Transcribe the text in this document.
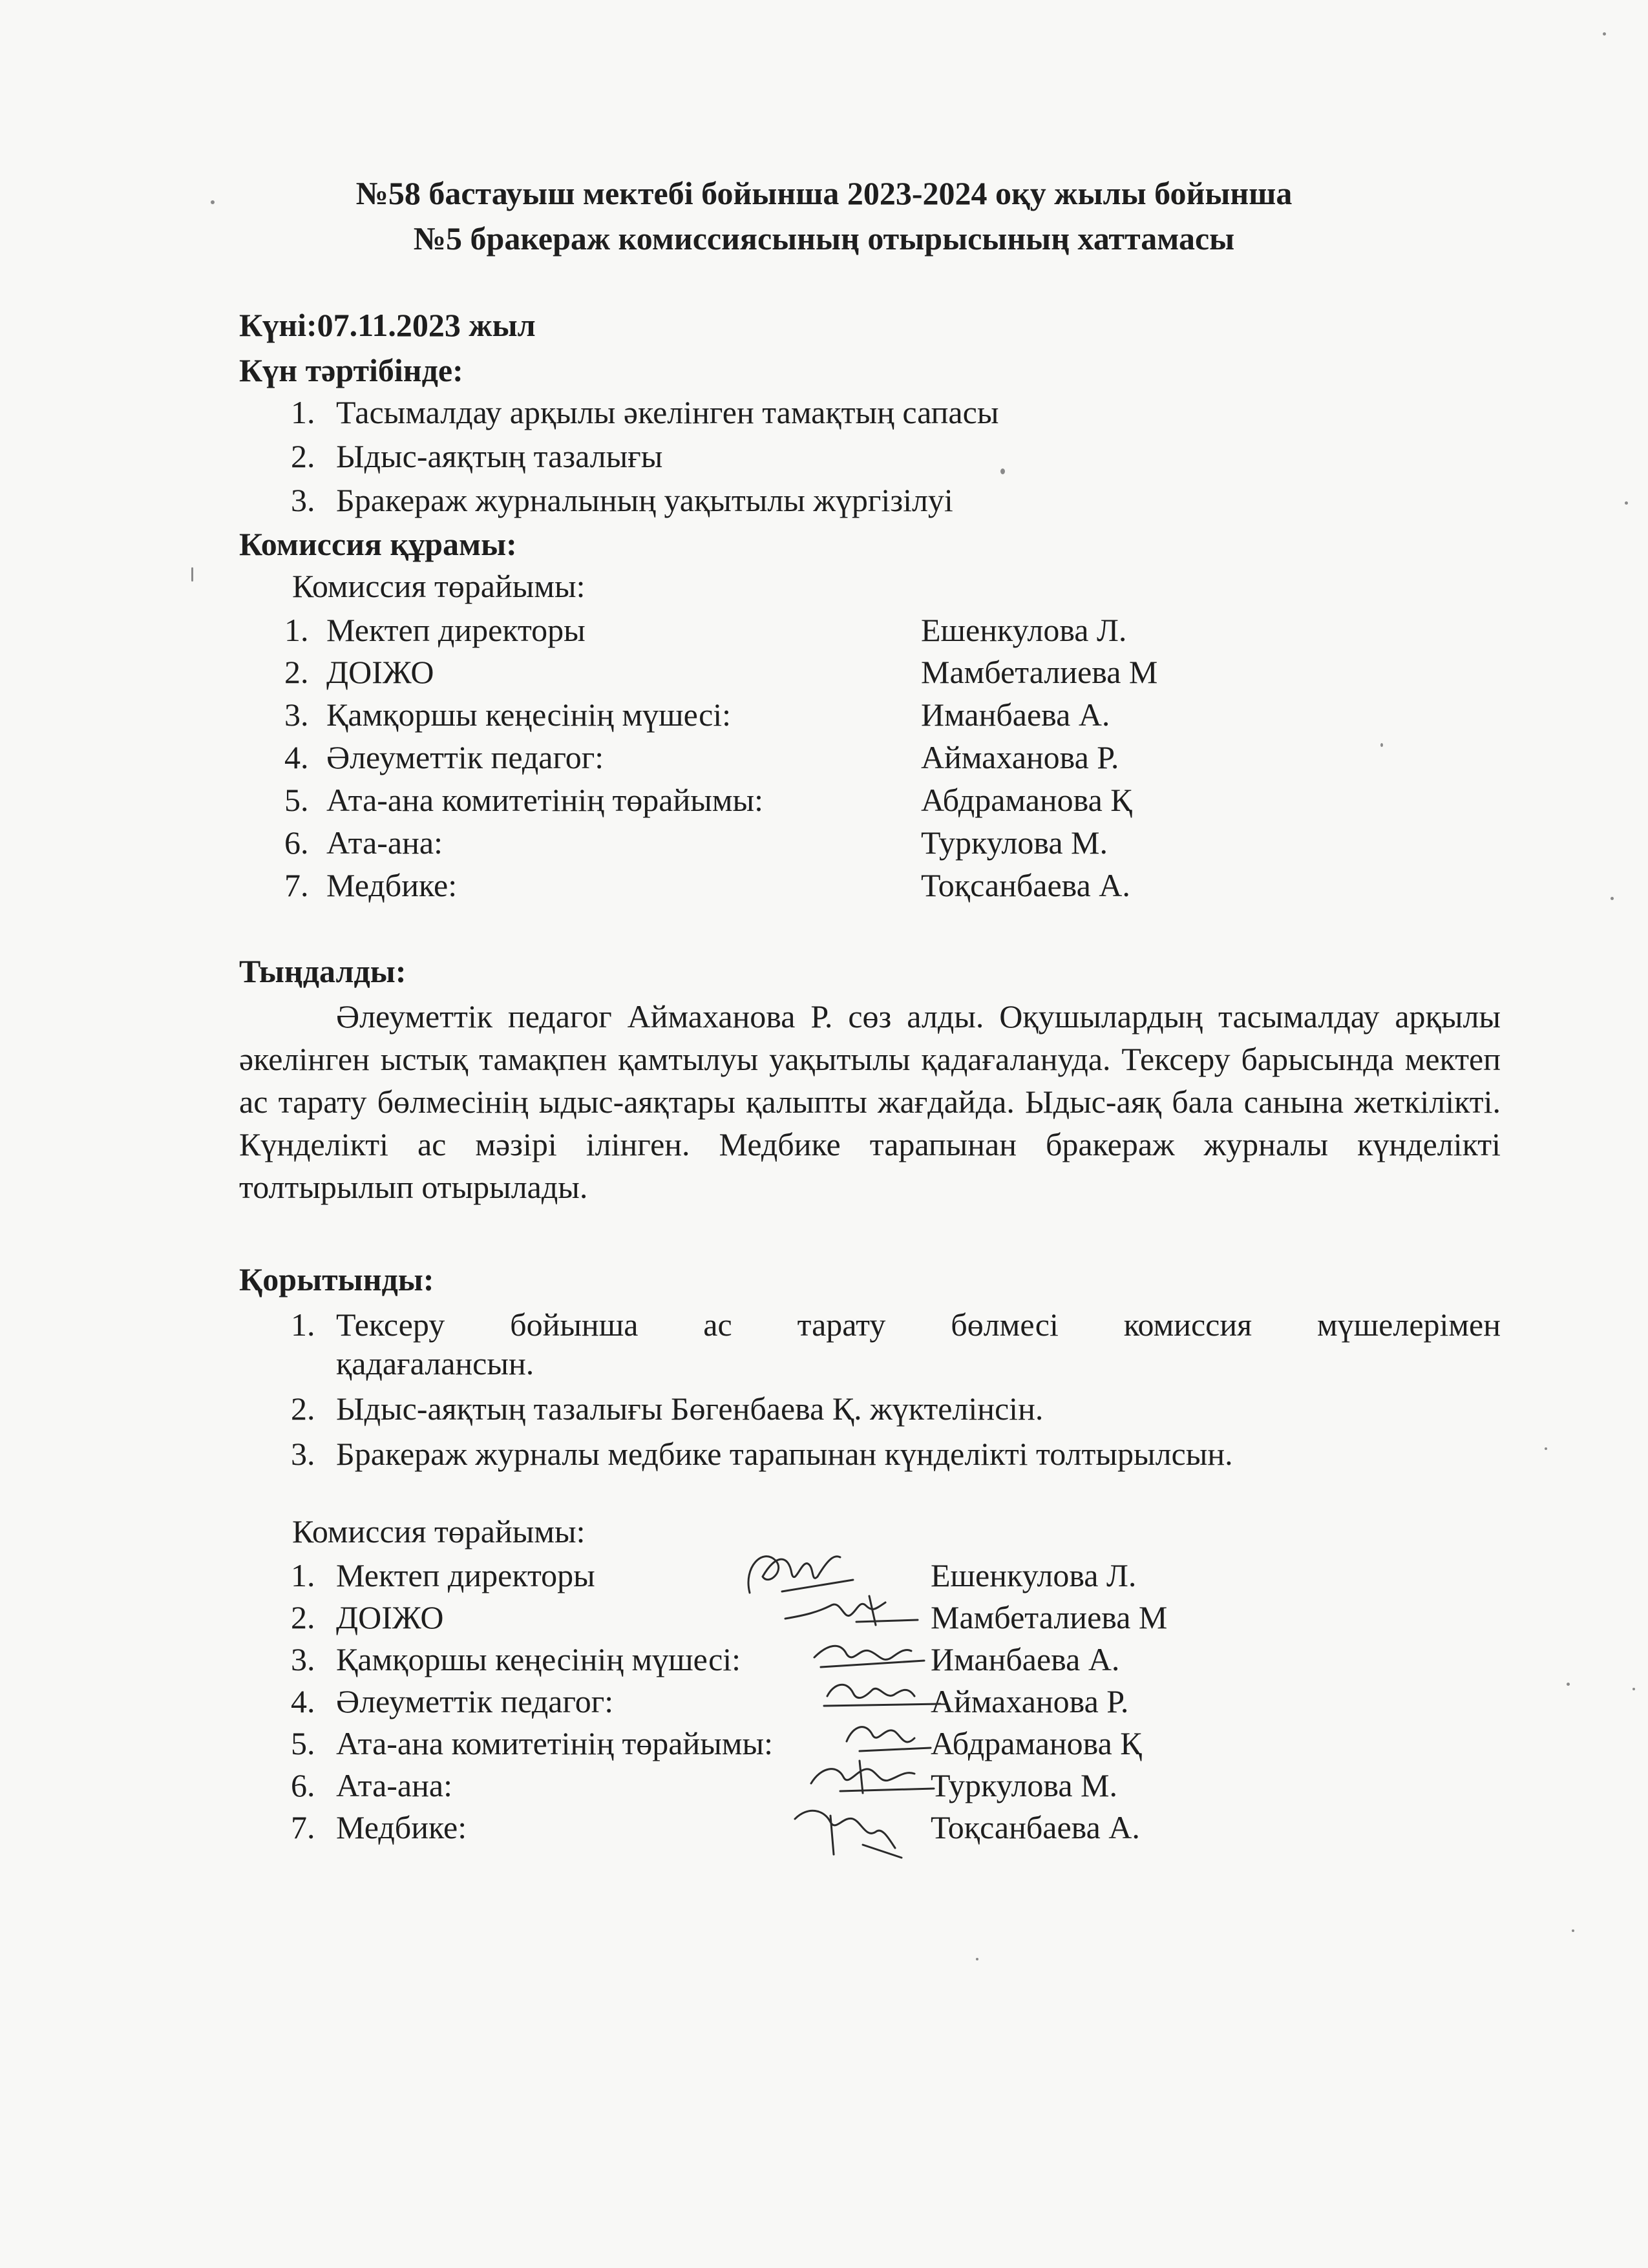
№58 бастауыш мектебі бойынша 2023-2024 оқу жылы бойынша
№5 бракераж комиссиясының отырысының хаттамасы
Күні:07.11.2023 жыл
Күн тәртібінде:
1. Тасымалдау арқылы әкелінген тамақтың сапасы
2. Ыдыс-аяқтың тазалығы
3. Бракераж журналының уақытылы жүргізілуі
Комиссия құрамы:
Комиссия төрайымы:
1. Мектеп директоры	Ешенкулова Л.
2. ДОІЖО	Мамбеталиева М
3. Қамқоршы кеңесінің мүшесі:	Иманбаева А.
4. Әлеуметтік педагог:	Аймаханова Р.
5. Ата-ана комитетінің төрайымы:	Абдраманова Қ
6. Ата-ана:	Туркулова М.
7. Медбике:	Тоқсанбаева А.
Тыңдалды:
Әлеуметтік педагог Аймаханова Р. сөз алды. Оқушылардың тасымалдау арқылы әкелінген ыстық тамақпен қамтылуы уақытылы қадағалануда. Тексеру барысында мектеп ас тарату бөлмесінің ыдыс-аяқтары қалыпты жағдайда. Ыдыс-аяқ бала санына жеткілікті. Күнделікті ас мәзірі ілінген. Медбике тарапынан бракераж журналы күнделікті толтырылып отырылады.
Қорытынды:
1. Тексеру бойынша ас тарату бөлмесі комиссия мүшелерімен
қадағалансын.
2. Ыдыс-аяқтың тазалығы Бөгенбаева Қ. жүктелінсін.
3. Бракераж журналы медбике тарапынан күнделікті толтырылсын.
Комиссия төрайымы:
1. Мектеп директоры	Ешенкулова Л.
2. ДОІЖО	Мамбеталиева М
3. Қамқоршы кеңесінің мүшесі:	Иманбаева А.
4. Әлеуметтік педагог:	Аймаханова Р.
5. Ата-ана комитетінің төрайымы:	Абдраманова Қ
6. Ата-ана:	Туркулова М.
7. Медбике:	Тоқсанбаева А.
